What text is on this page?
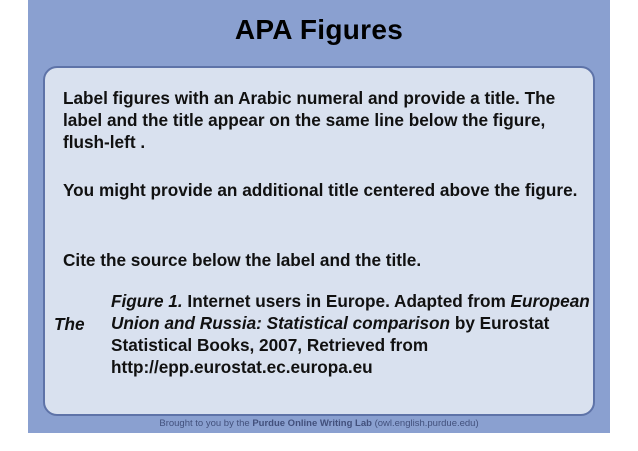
APA Figures

Label figures with an Arabic numeral and provide a title. The label and the title appear on the same line below the figure, flush-left .

You might provide an additional title centered above the figure.

Cite the source below the label and the title.

The

Figure 1. Internet users in Europe. Adapted from European Union and Russia: Statistical comparison by Eurostat Statistical Books, 2007, Retrieved from http://epp.eurostat.ec.europa.eu

Brought to you by the Purdue Online Writing Lab (owl.english.purdue.edu)
